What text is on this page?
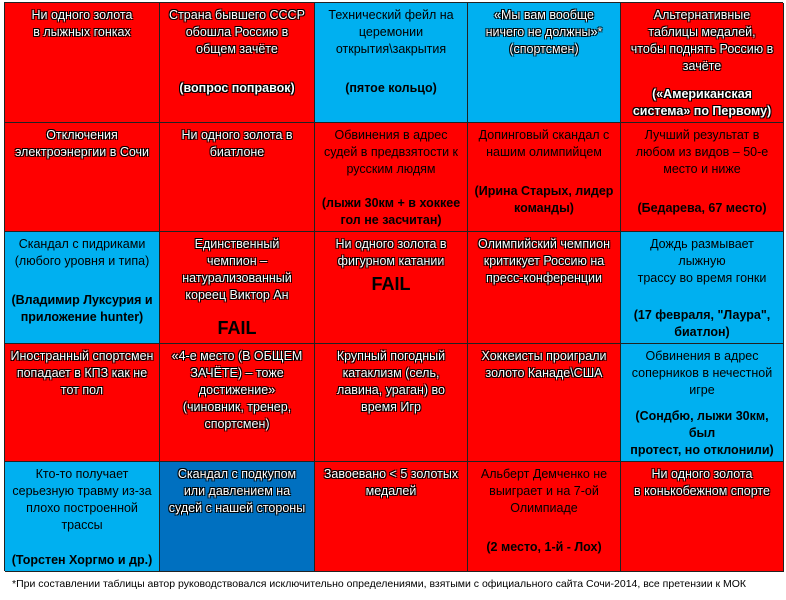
Ни одного золота
в лыжных гонках
Страна бывшего СССР
обошла Россию в
общем зачёте
(вопрос поправок)
Технический фейл на
церемонии
открытия\закрытия
(пятое кольцо)
«Мы вам вообще
ничего не должны»*
(спортсмен)
Альтернативные
таблицы медалей,
чтобы поднять Россию в
зачёте
(«Американская
система» по Первому)
Отключения
электроэнергии в Сочи
Ни одного золота в
биатлоне
Обвинения в адрес
судей в предвзятости к
русским людям
(лыжи 30км + в хоккее
гол не засчитан)
Допинговый скандал с
нашим олимпийцем
(Ирина Старых, лидер
команды)
Лучший результат в
любом из видов – 50-е
место и ниже
(Бедарева, 67 место)
Скандал с пидриками
(любого уровня и типа)
(Владимир Луксурия и
приложение hunter)
Единственный
чемпион –
натурализованный
кореец Виктор Ан
FAIL
Ни одного золота в
фигурном катании
FAIL
Олимпийский чемпион
критикует Россию на
пресс-конференции
Дождь размывает лыжную
трассу во время гонки
(17 февраля, "Лаура",
биатлон)
Иностранный спортсмен
попадает в КПЗ как не
тот пол
«4-е место (В ОБЩЕМ
ЗАЧЁТЕ) – тоже
достижение»
(чиновник, тренер,
спортсмен)
Крупный погодный
катаклизм (сель,
лавина, ураган) во
время Игр
Хоккеисты проиграли
золото Канаде\США
Обвинения в адрес
соперников в нечестной
игре
(Сондбю, лыжи 30км, был
протест, но отклонили)
Кто-то получает
серьезную травму из-за
плохо построенной
трассы
(Торстен Хоргмо и др.)
Скандал с подкупом
или давлением на
судей с нашей стороны
Завоевано < 5 золотых
медалей
Альберт Демченко не
выиграет и на 7-ой
Олимпиаде
(2 место, 1-й - Лох)
Ни одного золота
в конькобежном спорте
*При составлении таблицы автор руководствовался исключительно определениями, взятыми с официального сайта Сочи-2014, все претензии к МОК
